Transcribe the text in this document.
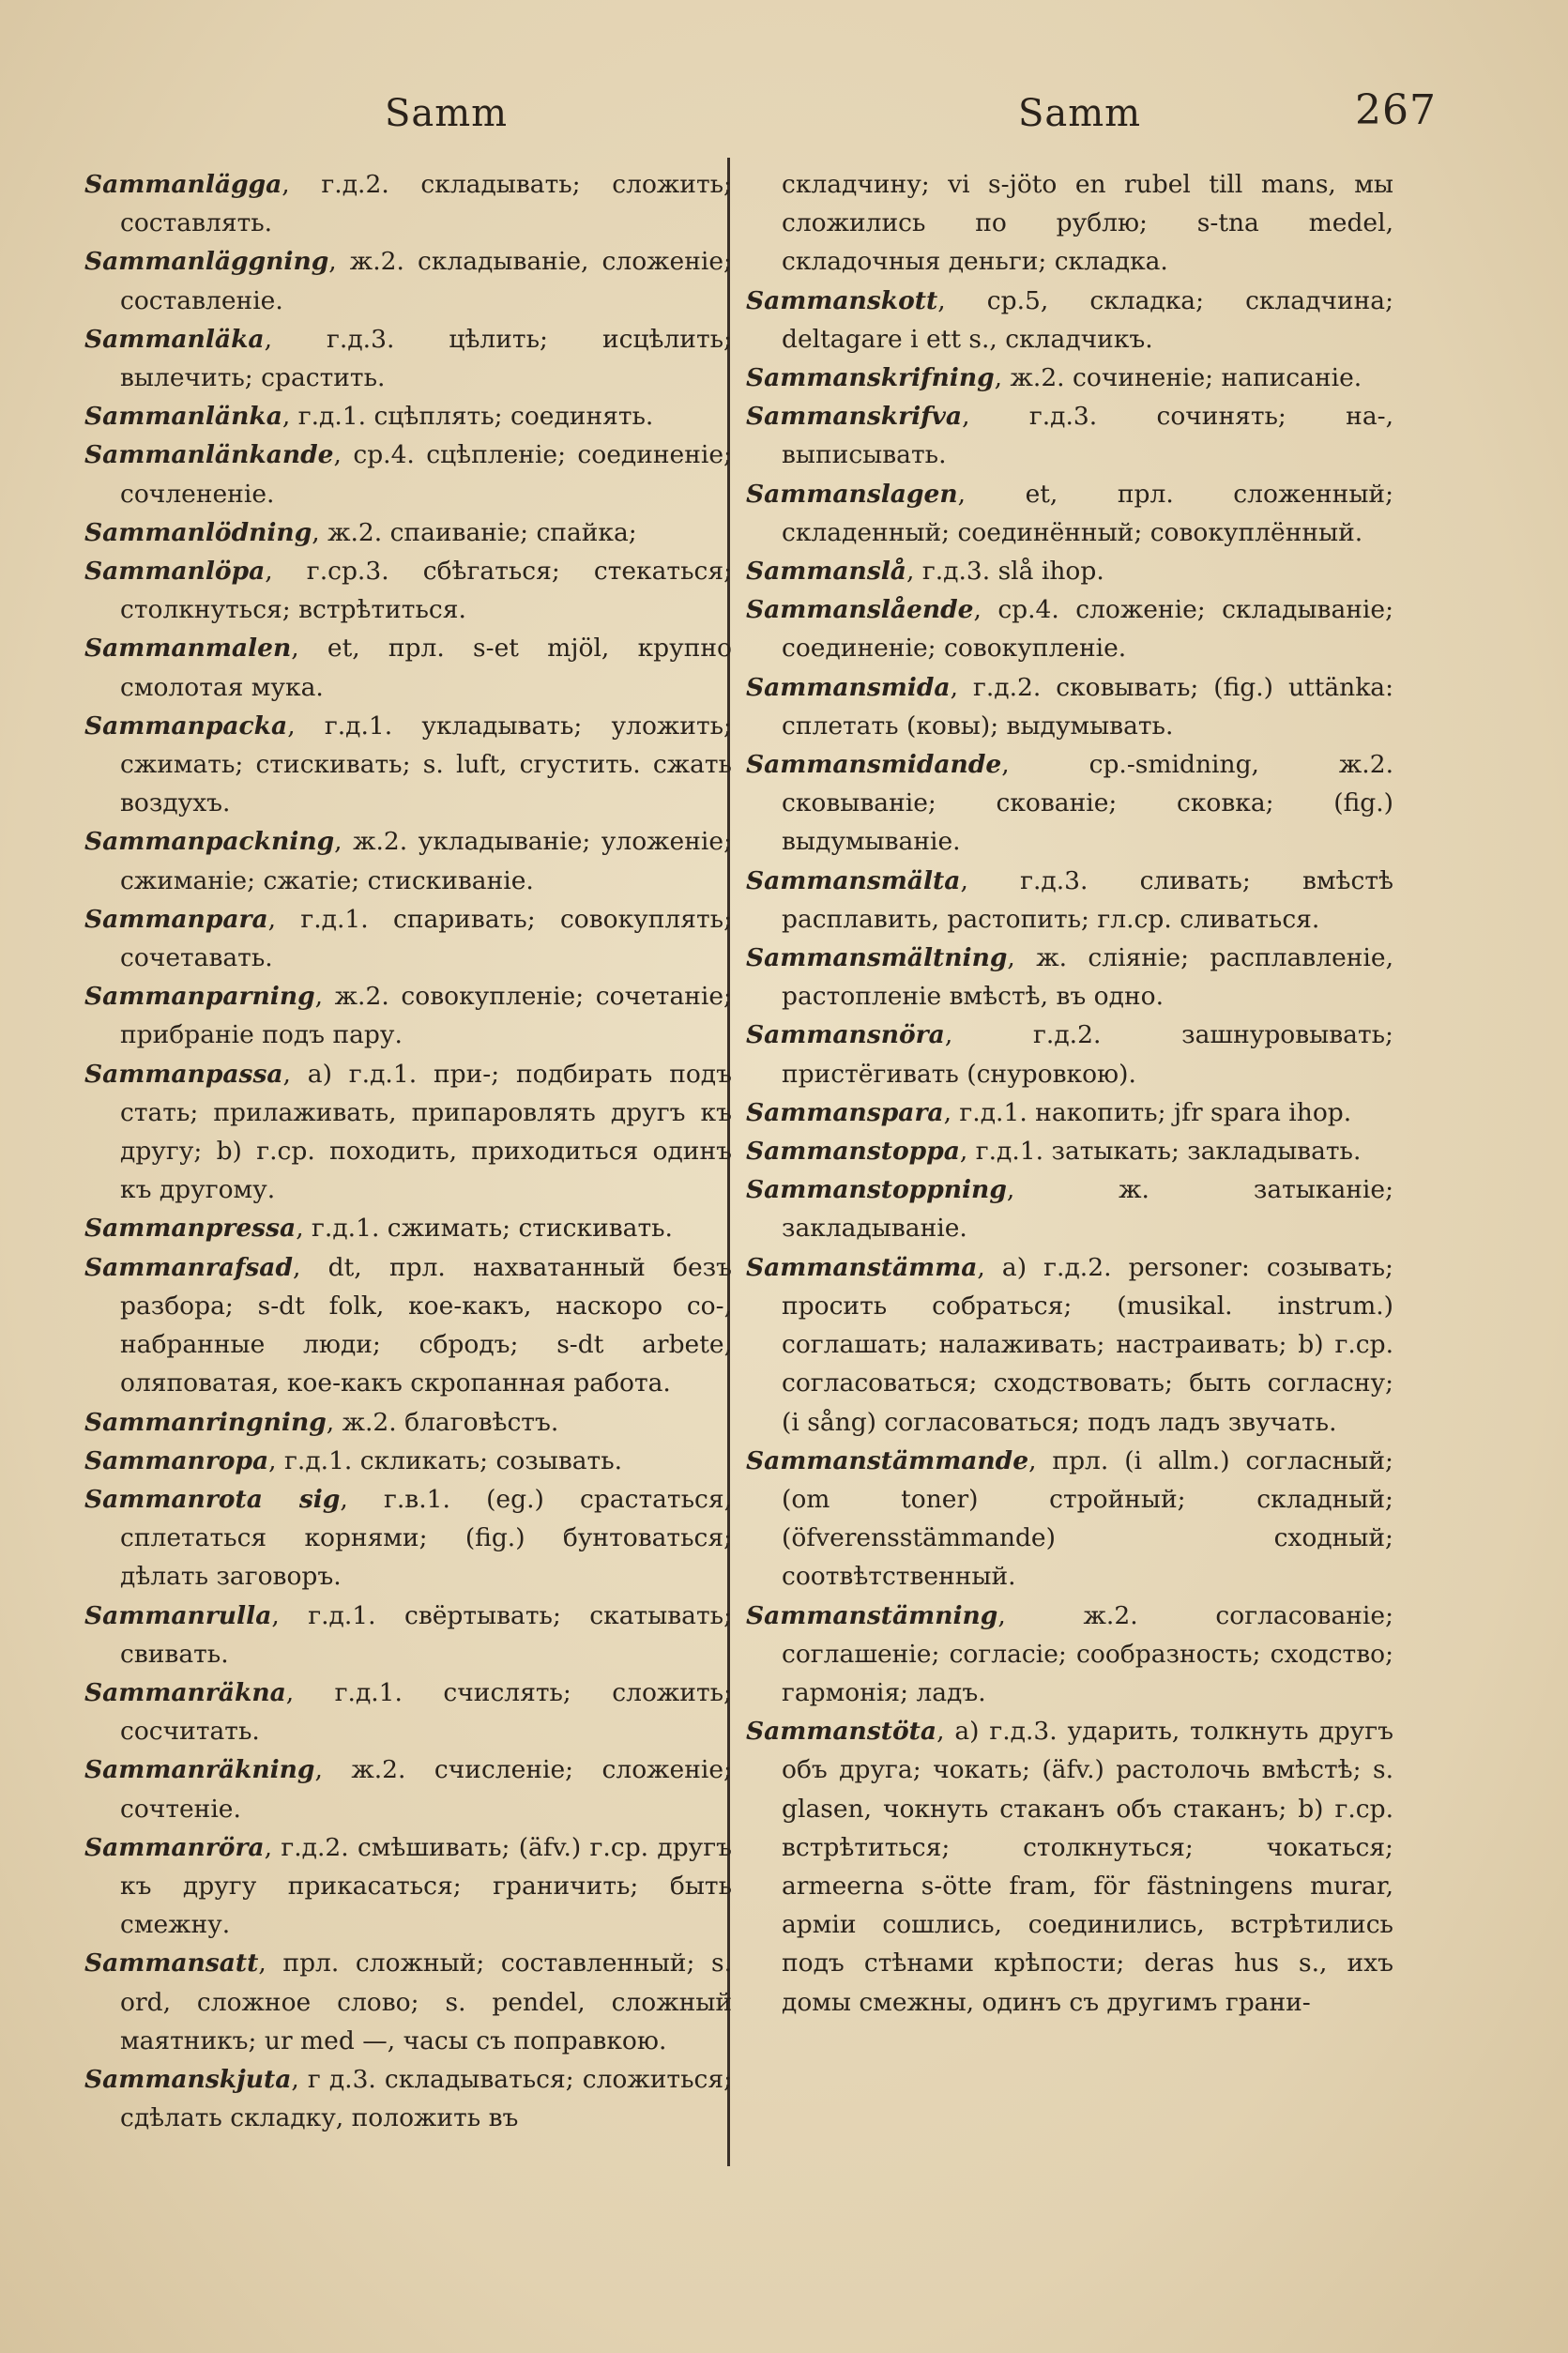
Samm	Samm	267

Sammanlägga, г.д.2. складывать; сложить; составлять.

Sammanläggning, ж.2. складываніе, сложеніе; составленіе.

Sammanläka, г.д.3. цѣлить; исцѣлить; вылечить; срастить.

Sammanlänka, г.д.1. сцѣплять; соединять.

Sammanlänkande, ср.4. сцѣпленіе; соединеніе; сочлененіе.

Sammanlödning, ж.2. спаиваніе; спайка;

Sammanlöpa, г.ср.3. сбѣгаться; стекаться; столкнуться; встрѣтиться.

Sammanmalen, et, прл. s-et mjöl, крупно смолотая мука.

Sammanpacka, г.д.1. укладывать; уложить; сжимать; стискивать; s. luft, сгустить. сжать воздухъ.

Sammanpackning, ж.2. укладываніе; уложеніе; сжиманіе; сжатіе; стискиваніе.

Sammanpara, г.д.1. спаривать; совокуплять; сочетавать.

Sammanparning, ж.2. совокупленіе; сочетаніе; прибраніе подъ пару.

Sammanpassa, a) г.д.1. при-; подбирать подъ стать; прилаживать, припаровлять другъ къ другу; b) г.ср. походить, приходиться одинъ къ другому.

Sammanpressa, г.д.1. сжимать; стискивать.

Sammanrafsad, dt, прл. нахватанный безъ разбора; s-dt folk, кое-какъ, наскоро со-, набранные люди; сбродъ; s-dt arbete, оляповатая, кое-какъ скропанная работа.

Sammanringning, ж.2. благовѣстъ.

Sammanropa, г.д.1. скликать; созывать.

Sammanrota sig, г.в.1. (eg.) срастаться, сплетаться корнями; (fig.) бунтоваться; дѣлать заговоръ.

Sammanrulla, г.д.1. свёртывать; скатывать; свивать.

Sammanräkna, г.д.1. счислять; сложить; сосчитать.

Sammanräkning, ж.2. счисленіе; сложеніе; сочтеніе.

Sammanröra, г.д.2. смѣшивать; (äfv.) г.ср. другъ къ другу прикасаться; граничить; быть смежну.

Sammansatt, прл. сложный; составленный; s. ord, сложное слово; s. pendel, сложный маятникъ; ur med —, часы съ поправкою.

Sammanskjuta, г д.3. складываться; сложиться; сдѣлать складку, положить въ

складчину; vi s-jöto en rubel till mans, мы сложились по рублю; s-tna medel, складочныя деньги; складка.

Sammanskott, ср.5, складка; складчина; deltagare i ett s., складчикъ.

Sammanskrifning, ж.2. сочиненіе; написаніе.

Sammanskrifva, г.д.3. сочинять; на-, выписывать.

Sammanslagen, et, прл. сложенный; складенный; соединённый; совокуплённый.

Sammanslå, г.д.3. slå ihop.

Sammanslående, ср.4. сложеніе; складываніе; соединеніе; совокупленіе.

Sammansmida, г.д.2. сковывать; (fig.) uttänka: сплетать (ковы); выдумывать.

Sammansmidande, ср.-smidning, ж.2. сковываніе; скованіе; сковка; (fig.) выдумываніе.

Sammansmälta, г.д.3. сливать; вмѣстѣ расплавить, растопить; гл.ср. сливаться.

Sammansmältning, ж. сліяніе; расплавленіе, растопленіе вмѣстѣ, въ одно.

Sammansnöra, г.д.2. зашнуровывать; пристёгивать (снуровкою).

Sammanspara, г.д.1. накопить; jfr spara ihop.

Sammanstoppa, г.д.1. затыкать; закладывать.

Sammanstoppning, ж. затыканіе; закладываніе.

Sammanstämma, a) г.д.2. personer: созывать; просить собраться; (musikal. instrum.) соглашать; налаживать; настраивать; b) г.ср. согласоваться; сходствовать; быть согласну; (i sång) согласоваться; подъ ладъ звучать.

Sammanstämmande, прл. (i allm.) согласный; (om toner) стройный; складный; (öfverensstämmande) сходный; соотвѣтственный.

Sammanstämning, ж.2. согласованіе; соглашеніе; согласіе; сообразность; сходство; гармонія; ладъ.

Sammanstöta, a) г.д.3. ударить, толкнуть другъ объ друга; чокать; (äfv.) растолочь вмѣстѣ; s. glasen, чокнуть стаканъ объ стаканъ; b) г.ср. встрѣтиться; столкнуться; чокаться; armeerna s-ötte fram, för fästningens murar, арміи сошлись, соединились, встрѣтились подъ стѣнами крѣпости; deras hus s., ихъ домы смежны, одинъ съ другимъ грани-
